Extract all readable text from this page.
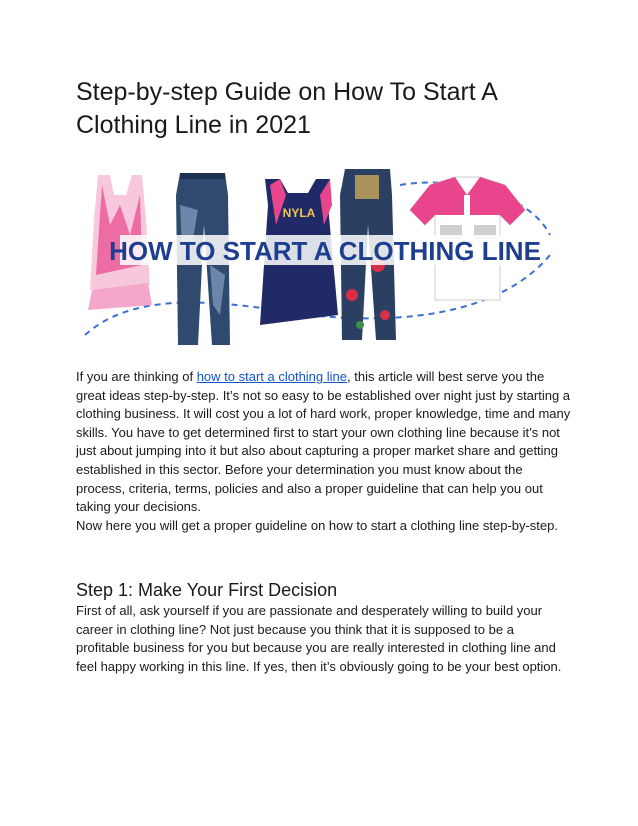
Step-by-step Guide on How To Start A Clothing Line in 2021
HOW TO START A CLOTHING LINE
NYLA

If you are thinking of how to start a clothing line, this article will best serve you the great ideas step-by-step. It’s not so easy to be established over night just by starting a clothing business. It will cost you a lot of hard work, proper knowledge, time and many skills. You have to get determined first to start your own clothing line because it’s not just about jumping into it but also about capturing a proper market share and getting established in this sector. Before your determination you must know about the process, criteria, terms, policies and also a proper guideline that can help you out taking your decisions.
Now here you will get a proper guideline on how to start a clothing line step-by-step.

Step 1: Make Your First Decision

First of all, ask yourself if you are passionate and desperately willing to build your career in clothing line? Not just because you think that it is supposed to be a profitable business for you but because you are really interested in clothing line and feel happy working in this line. If yes, then it’s obviously going to be your best option.
